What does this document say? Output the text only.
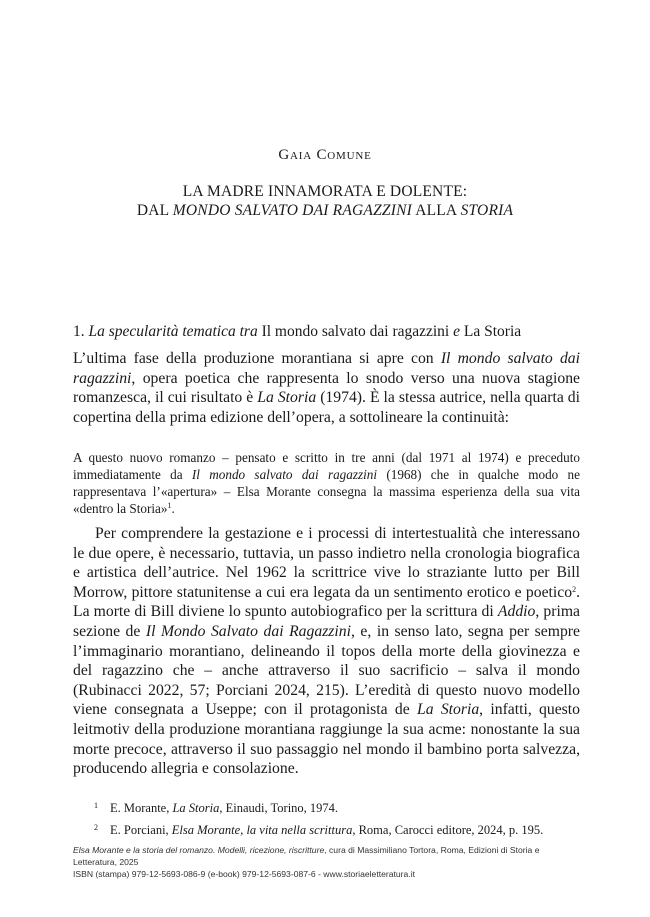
Gaia Comune
LA MADRE INNAMORATA E DOLENTE:
DAL MONDO SALVATO DAI RAGAZZINI ALLA STORIA
1. La specularità tematica tra Il mondo salvato dai ragazzini e La Storia
L’ultima fase della produzione morantiana si apre con Il mondo salvato dai ragazzini, opera poetica che rappresenta lo snodo verso una nuova stagione romanzesca, il cui risultato è La Storia (1974). È la stessa autrice, nella quarta di copertina della prima edizione dell’opera, a sottolineare la continuità:
A questo nuovo romanzo – pensato e scritto in tre anni (dal 1971 al 1974) e preceduto immediatamente da Il mondo salvato dai ragazzini (1968) che in qualche modo ne rappresentava l’«apertura» – Elsa Morante consegna la massima esperienza della sua vita «dentro la Storia»$^1$.
Per comprendere la gestazione e i processi di intertestualità che interessano le due opere, è necessario, tuttavia, un passo indietro nella cronologia biografica e artistica dell’autrice. Nel 1962 la scrittrice vive lo straziante lutto per Bill Morrow, pittore statunitense a cui era legata da un sentimento erotico e poetico$^2$. La morte di Bill diviene lo spunto autobiografico per la scrittura di Addio, prima sezione de Il Mondo Salvato dai Ragazzini, e, in senso lato, segna per sempre l’immaginario morantiano, delineando il topos della morte della giovinezza e del ragazzino che – anche attraverso il suo sacrificio – salva il mondo (Rubinacci 2022, 57; Porciani 2024, 215). L’eredità di questo nuovo modello viene consegnata a Useppe; con il protagonista de La Storia, infatti, questo leitmotiv della produzione morantiana raggiunge la sua acme: nonostante la sua morte precoce, attraverso il suo passaggio nel mondo il bambino porta salvezza, producendo allegria e consolazione.
1 E. Morante, La Storia, Einaudi, Torino, 1974.
2 E. Porciani, Elsa Morante, la vita nella scrittura, Roma, Carocci editore, 2024, p. 195.
Elsa Morante e la storia del romanzo. Modelli, ricezione, riscritture, cura di Massimiliano Tortora, Roma, Edizioni di Storia e Letteratura, 2025
ISBN (stampa) 979-12-5693-086-9 (e-book) 979-12-5693-087-6 - www.storiaeletteratura.it
